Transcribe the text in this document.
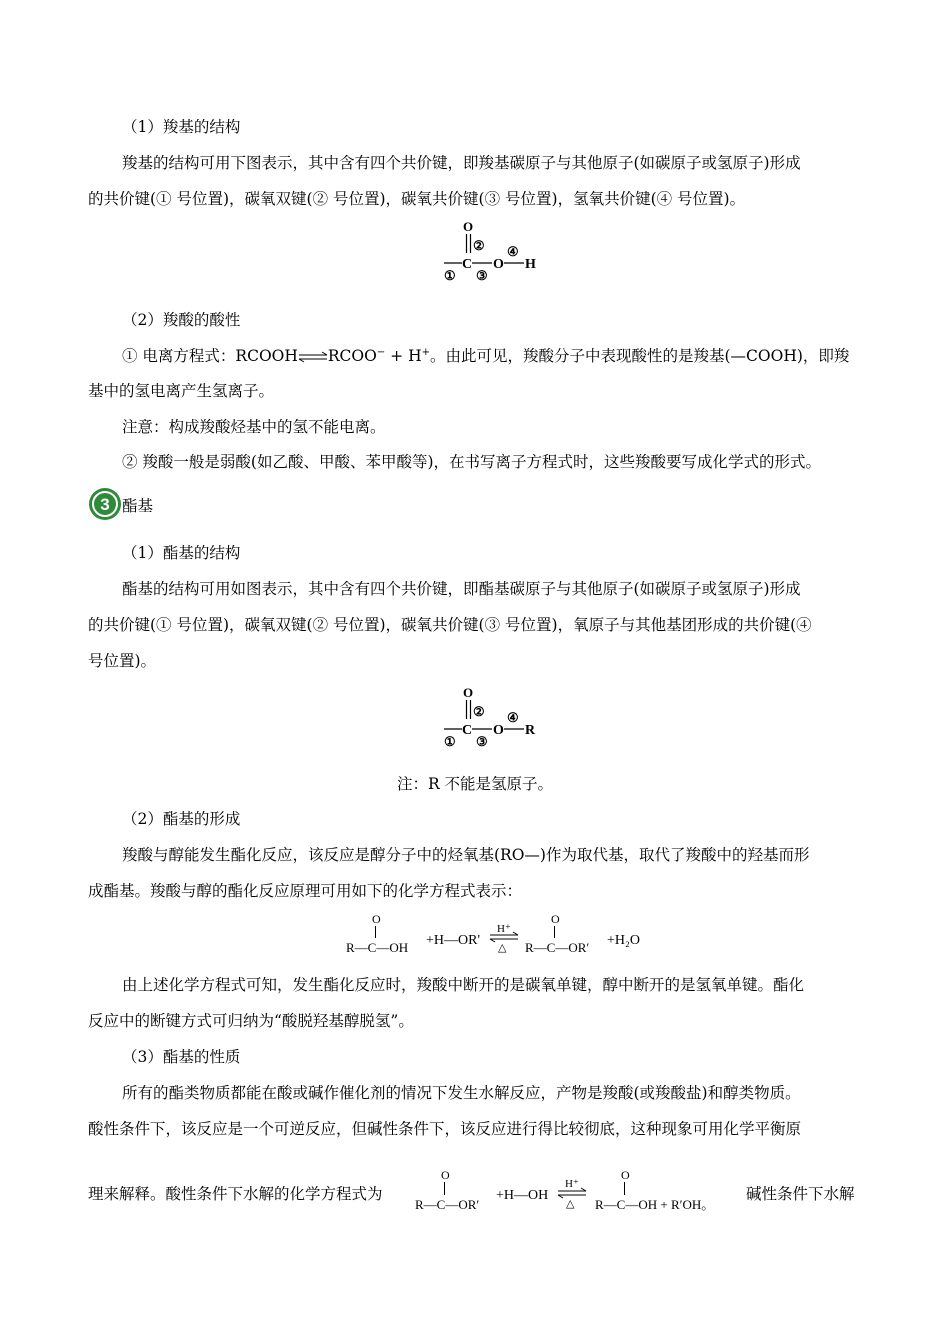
（1）羧基的结构
羧基的结构可用下图表示，其中含有四个共价键，即羧基碳原子与其他原子(如碳原子或氢原子)形成
的共价键(① 号位置)，碳氧双键(② 号位置)，碳氧共价键(③ 号位置)，氢氧共价键(④ 号位置)。
O
②
C O
④
H
① ③
（2）羧酸的酸性
① 电离方程式：RCOOH⇌RCOO− + H+。由此可见，羧酸分子中表现酸性的是羧基(—COOH)，即羧
基中的氢电离产生氢离子。
注意：构成羧酸烃基中的氢不能电离。
② 羧酸一般是弱酸(如乙酸、甲酸、苯甲酸等)，在书写离子方程式时，这些羧酸要写成化学式的形式。
3 酯基
（1）酯基的结构
酯基的结构可用如图表示，其中含有四个共价键，即酯基碳原子与其他原子(如碳原子或氢原子)形成
的共价键(① 号位置)，碳氧双键(② 号位置)，碳氧共价键(③ 号位置)，氧原子与其他基团形成的共价键(④
号位置)。
O
②
C O
④
R
① ③
注：R 不能是氢原子。
（2）酯基的形成
羧酸与醇能发生酯化反应，该反应是醇分子中的烃氧基(RO—)作为取代基，取代了羧酸中的羟基而形
成酯基。羧酸与醇的酯化反应原理可用如下的化学方程式表示：
O
R—C—OH +H—OR'
H⁺
△
O
R—C—OR′ +H₂O
由上述化学方程式可知，发生酯化反应时，羧酸中断开的是碳氧单键，醇中断开的是氢氧单键。酯化
反应中的断键方式可归纳为“酸脱羟基醇脱氢”。
（3）酯基的性质
所有的酯类物质都能在酸或碱作催化剂的情况下发生水解反应，产物是羧酸(或羧酸盐)和醇类物质。
酸性条件下，该反应是一个可逆反应，但碱性条件下，该反应进行得比较彻底，这种现象可用化学平衡原
理来解释。酸性条件下水解的化学方程式为
O
R—C—OR′
+H—OH
H⁺
△
O
R—C—OH + R′OH。
碱性条件下水解
